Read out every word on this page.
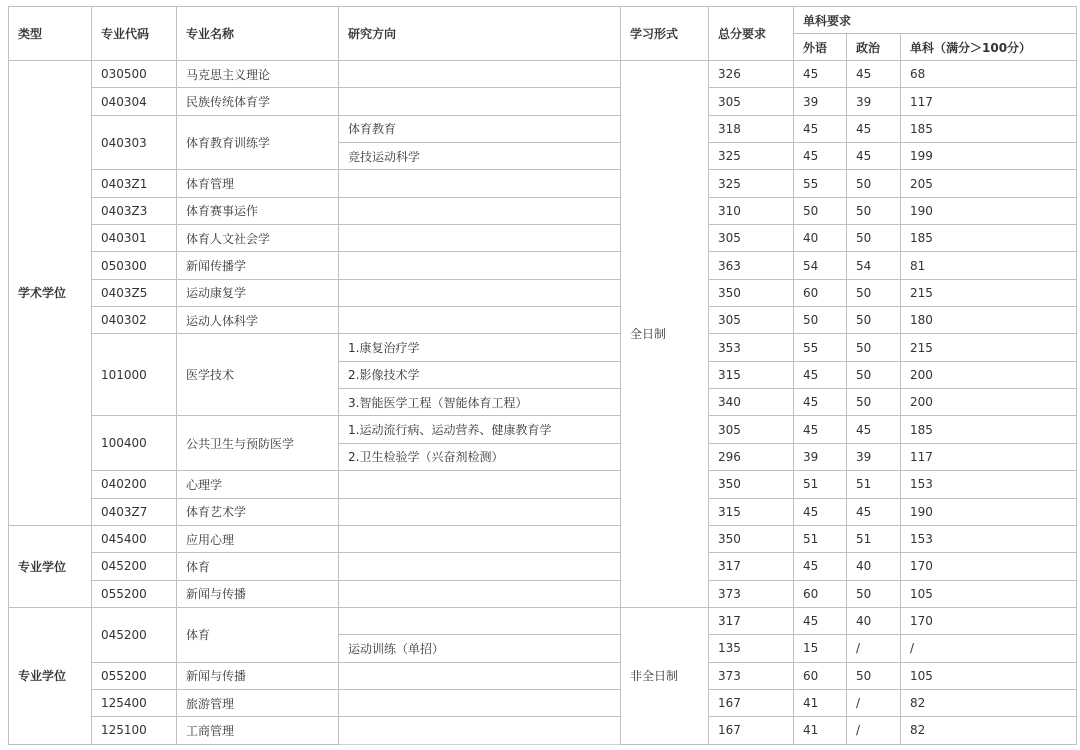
类型	专业代码	专业名称	研究方向	学习形式	总分要求	单科要求		
						外语	政治	单科（满分＞100分）
学术学位	030500	马克思主义理论		全日制	326	45	45	68
	040304	民族传统体育学			305	39	39	117
	040303	体育教育训练学	体育教育		318	45	45	185
			竞技运动科学		325	45	45	199
	0403Z1	体育管理			325	55	50	205
	0403Z3	体育赛事运作			310	50	50	190
	040301	体育人文社会学			305	40	50	185
	050300	新闻传播学			363	54	54	81
	0403Z5	运动康复学			350	60	50	215
	040302	运动人体科学			305	50	50	180
	101000	医学技术	1.康复治疗学		353	55	50	215
			2.影像技术学		315	45	50	200
			3.智能医学工程（智能体育工程）		340	45	50	200
	100400	公共卫生与预防医学	1.运动流行病、运动营养、健康教育学		305	45	45	185
			2.卫生检验学（兴奋剂检测）		296	39	39	117
	040200	心理学			350	51	51	153
	0403Z7	体育艺术学			315	45	45	190
专业学位	045400	应用心理			350	51	51	153
	045200	体育			317	45	40	170
	055200	新闻与传播			373	60	50	105
专业学位	045200	体育		非全日制	317	45	40	170
			运动训练（单招）		135	15	/	/
	055200	新闻与传播			373	60	50	105
	125400	旅游管理			167	41	/	82
	125100	工商管理			167	41	/	82
